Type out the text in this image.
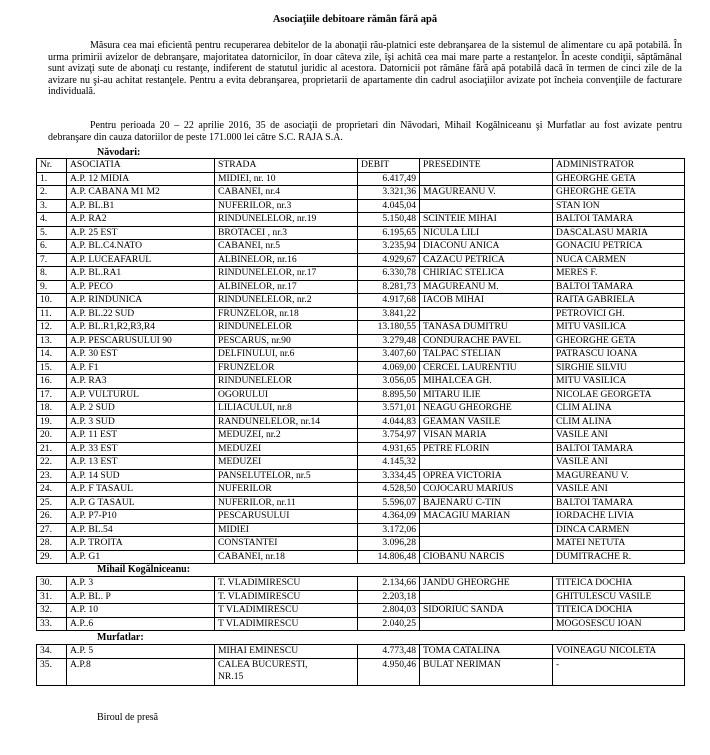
Asociaţiile debitoare rămân fără apă

Măsura cea mai eficientă pentru recuperarea debitelor de la abonaţii rău-platnici este debranşarea de la sistemul de alimentare cu apă potabilă. În urma primirii avizelor de debranşare, majoritatea datornicilor, în doar câteva zile, îşi achită cea mai mare parte a restanţelor. În aceste condiţii, săptămânal sunt avizaţi sute de abonaţi cu restanţe, indiferent de statutul juridic al acestora. Datornicii pot rămâne fără apă potabilă dacă în termen de cinci zile de la avizare nu şi-au achitat restanţele. Pentru a evita debranşarea, proprietarii de apartamente din cadrul asociaţiilor avizate pot încheia convenţiile de facturare individuală.

Pentru perioada 20 – 22 aprilie 2016, 35 de asociaţii de proprietari din Năvodari, Mihail Kogălniceanu şi Murfatlar au fost avizate pentru debranşare din cauza datoriilor de peste 171.000 lei către S.C. RAJA S.A.

Năvodari:
Nr.	ASOCIATIA	STRADA	DEBIT	PRESEDINTE	ADMINISTRATOR
1.	A.P. 12 MIDIA	MIDIEI, nr. 10	6.417,49		GHEORGHE GETA
2.	A.P. CABANA M1 M2	CABANEI, nr.4	3.321,36	MAGUREANU V.	GHEORGHE GETA
3.	A.P. BL.B1	NUFERILOR, nr.3	4.045,04		STAN ION
4.	A.P. RA2	RINDUNELELOR, nr.19	5.150,48	SCINTEIE MIHAI	BALTOI TAMARA
5.	A.P. 25 EST	BROTACEI , nr.3	6.195,65	NICULA LILI	DASCALASU MARIA
6.	A.P. BL.C4.NATO	CABANEI, nr.5	3.235,94	DIACONU ANICA	GONACIU PETRICA
7.	A.P. LUCEAFARUL	ALBINELOR, nr.16	4.929,67	CAZACU PETRICA	NUCA CARMEN
8.	A.P. BL.RA1	RINDUNELELOR, nr.17	6.330,78	CHIRIAC STELICA	MERES F.
9.	A.P. PECO	ALBINELOR, nr.17	8.281,73	MAGUREANU M.	BALTOI TAMARA
10.	A.P. RINDUNICA	RINDUNELELOR, nr.2	4.917,68	IACOB MIHAI	RAITA GABRIELA
11.	A.P. BL.22 SUD	FRUNZELOR, nr.18	3.841,22		PETROVICI GH.
12.	A.P. BL.R1,R2,R3,R4	RINDUNELELOR	13.180,55	TANASA DUMITRU	MITU VASILICA
13.	A.P. PESCARUSULUI 90	PESCARUS, nr.90	3.279,48	CONDURACHE PAVEL	GHEORGHE GETA
14.	A.P. 30 EST	DELFINULUI, nr.6	3.407,60	TALPAC STELIAN	PATRASCU IOANA
15.	A.P. F1	FRUNZELOR	4.069,00	CERCEL LAURENTIU	SIRGHIE SILVIU
16.	A.P. RA3	RINDUNELELOR	3.056,05	MIHALCEA GH.	MITU VASILICA
17.	A.P. VULTURUL	OGORULUI	8.895,50	MITARU ILIE	NICOLAE GEORGETA
18.	A.P. 2 SUD	LILIACULUI, nr.8	3.571,01	NEAGU GHEORGHE	CLIM ALINA
19.	A.P. 3 SUD	RANDUNELELOR, nr.14	4.044,83	GEAMAN VASILE	CLIM ALINA
20.	A.P. 11 EST	MEDUZEI, nr.2	3.754,97	VISAN MARIA	VASILE ANI
21.	A.P. 33 EST	MEDUZEI	4.931,65	PETRE FLORIN	BALTOI TAMARA
22.	A.P. 13 EST	MEDUZEI	4.145,32		VASILE ANI
23.	A.P. 14 SUD	PANSELUTELOR, nr.5	3.334,45	OPREA VICTORIA	MAGUREANU V.
24.	A.P. F TASAUL	NUFERILOR	4.528,50	COJOCARU MARIUS	VASILE ANI
25.	A.P. G TASAUL	NUFERILOR, nr.11	5.596,07	BAJENARU C-TIN	BALTOI TAMARA
26.	A.P. P7-P10	PESCARUSULUI	4.364,09	MACAGIU MARIAN	IORDACHE LIVIA
27.	A.P. BL.54	MIDIEI	3.172,06		DINCA CARMEN
28.	A.P. TROITA	CONSTANTEI	3.096,28		MATEI NETUTA
29.	A.P. G1	CABANEI, nr.18	14.806,48	CIOBANU NARCIS	DUMITRACHE R.
Mihail Kogălniceanu:
30.	A.P. 3	T. VLADIMIRESCU	2.134,66	JANDU GHEORGHE	TITEICA DOCHIA
31.	A.P. BL. P	T. VLADIMIRESCU	2.203,18		GHITULESCU VASILE
32.	A.P. 10	T VLADIMIRESCU	2.804,03	SIDORIUC SANDA	TITEICA DOCHIA
33.	A.P..6	T VLADIMIRESCU	2.040,25		MOGOSESCU IOAN
Murfatlar:
34.	A.P. 5	MIHAI EMINESCU	4.773,48	TOMA CATALINA	VOINEAGU NICOLETA
35.	A.P.8	CALEA BUCURESTI,
NR.15	4.950,46	BULAT NERIMAN	-
Biroul de presă
